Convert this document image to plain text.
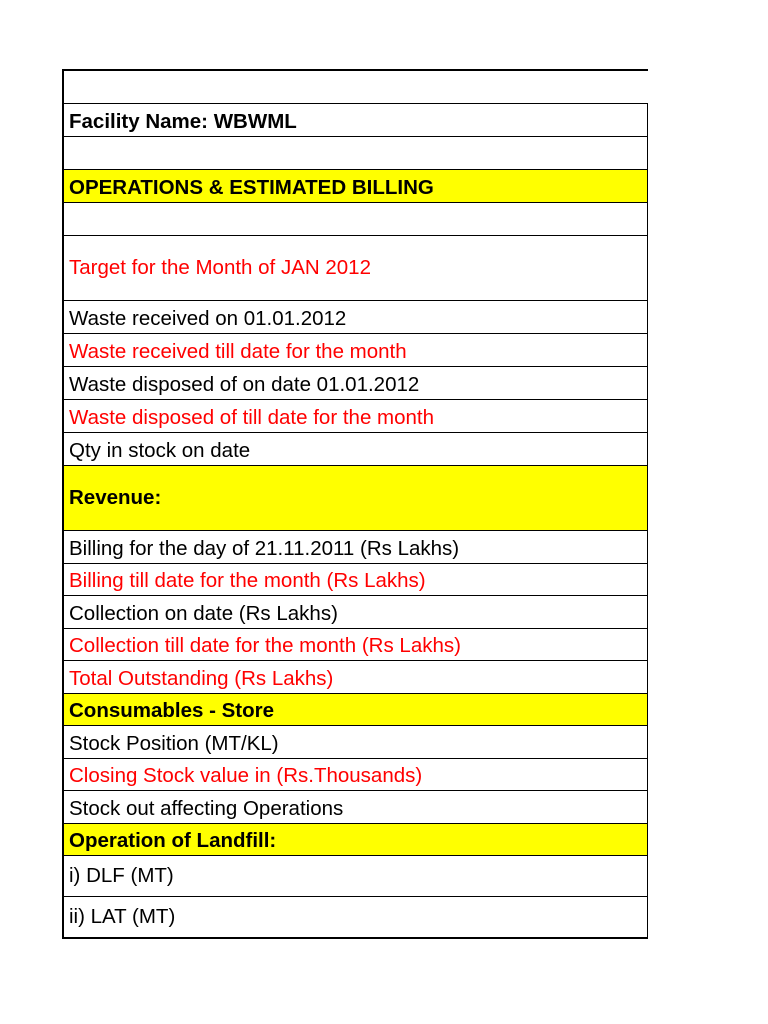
Facility Name: WBWML
OPERATIONS & ESTIMATED BILLING
Target for the Month of JAN 2012
Waste received on 01.01.2012
Waste received till date for the month
Waste disposed of on date 01.01.2012
Waste disposed of till date for the month
Qty in stock on date
Revenue:
Billing for the day of 21.11.2011 (Rs Lakhs)
Billing till date for the month (Rs Lakhs)
Collection on date (Rs Lakhs)
Collection till date for the month (Rs Lakhs)
Total Outstanding (Rs Lakhs)
Consumables - Store
Stock Position (MT/KL)
Closing Stock value in (Rs.Thousands)
Stock out affecting Operations
Operation of Landfill:
i) DLF (MT)
ii) LAT (MT)
